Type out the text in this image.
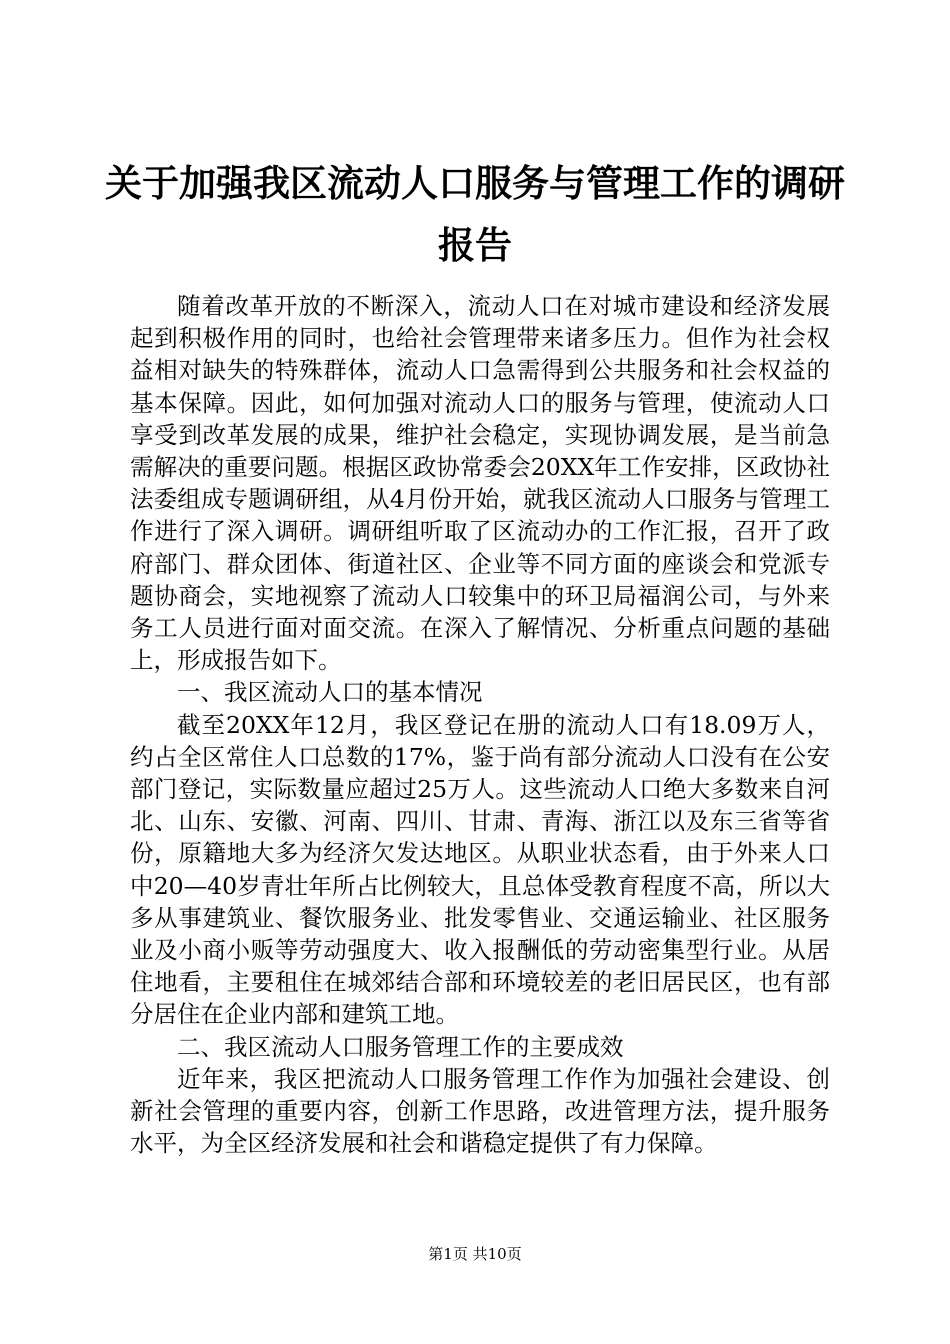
关于加强我区流动人口服务与管理工作的调研报告

随着改革开放的不断深入，流动人口在对城市建设和经济发展起到积极作用的同时，也给社会管理带来诸多压力。但作为社会权益相对缺失的特殊群体，流动人口急需得到公共服务和社会权益的基本保障。因此，如何加强对流动人口的服务与管理，使流动人口享受到改革发展的成果，维护社会稳定，实现协调发展，是当前急需解决的重要问题。根据区政协常委会20XX年工作安排，区政协社法委组成专题调研组，从4月份开始，就我区流动人口服务与管理工作进行了深入调研。调研组听取了区流动办的工作汇报，召开了政府部门、群众团体、街道社区、企业等不同方面的座谈会和党派专题协商会，实地视察了流动人口较集中的环卫局福润公司，与外来务工人员进行面对面交流。在深入了解情况、分析重点问题的基础上，形成报告如下。

一、我区流动人口的基本情况

截至20XX年12月，我区登记在册的流动人口有18.09万人，约占全区常住人口总数的17%，鉴于尚有部分流动人口没有在公安部门登记，实际数量应超过25万人。这些流动人口绝大多数来自河北、山东、安徽、河南、四川、甘肃、青海、浙江以及东三省等省份，原籍地大多为经济欠发达地区。从职业状态看，由于外来人口中20—40岁青壮年所占比例较大，且总体受教育程度不高，所以大多从事建筑业、餐饮服务业、批发零售业、交通运输业、社区服务业及小商小贩等劳动强度大、收入报酬低的劳动密集型行业。从居住地看，主要租住在城郊结合部和环境较差的老旧居民区，也有部分居住在企业内部和建筑工地。

二、我区流动人口服务管理工作的主要成效

近年来，我区把流动人口服务管理工作作为加强社会建设、创新社会管理的重要内容，创新工作思路，改进管理方法，提升服务水平，为全区经济发展和社会和谐稳定提供了有力保障。

第1页 共10页
